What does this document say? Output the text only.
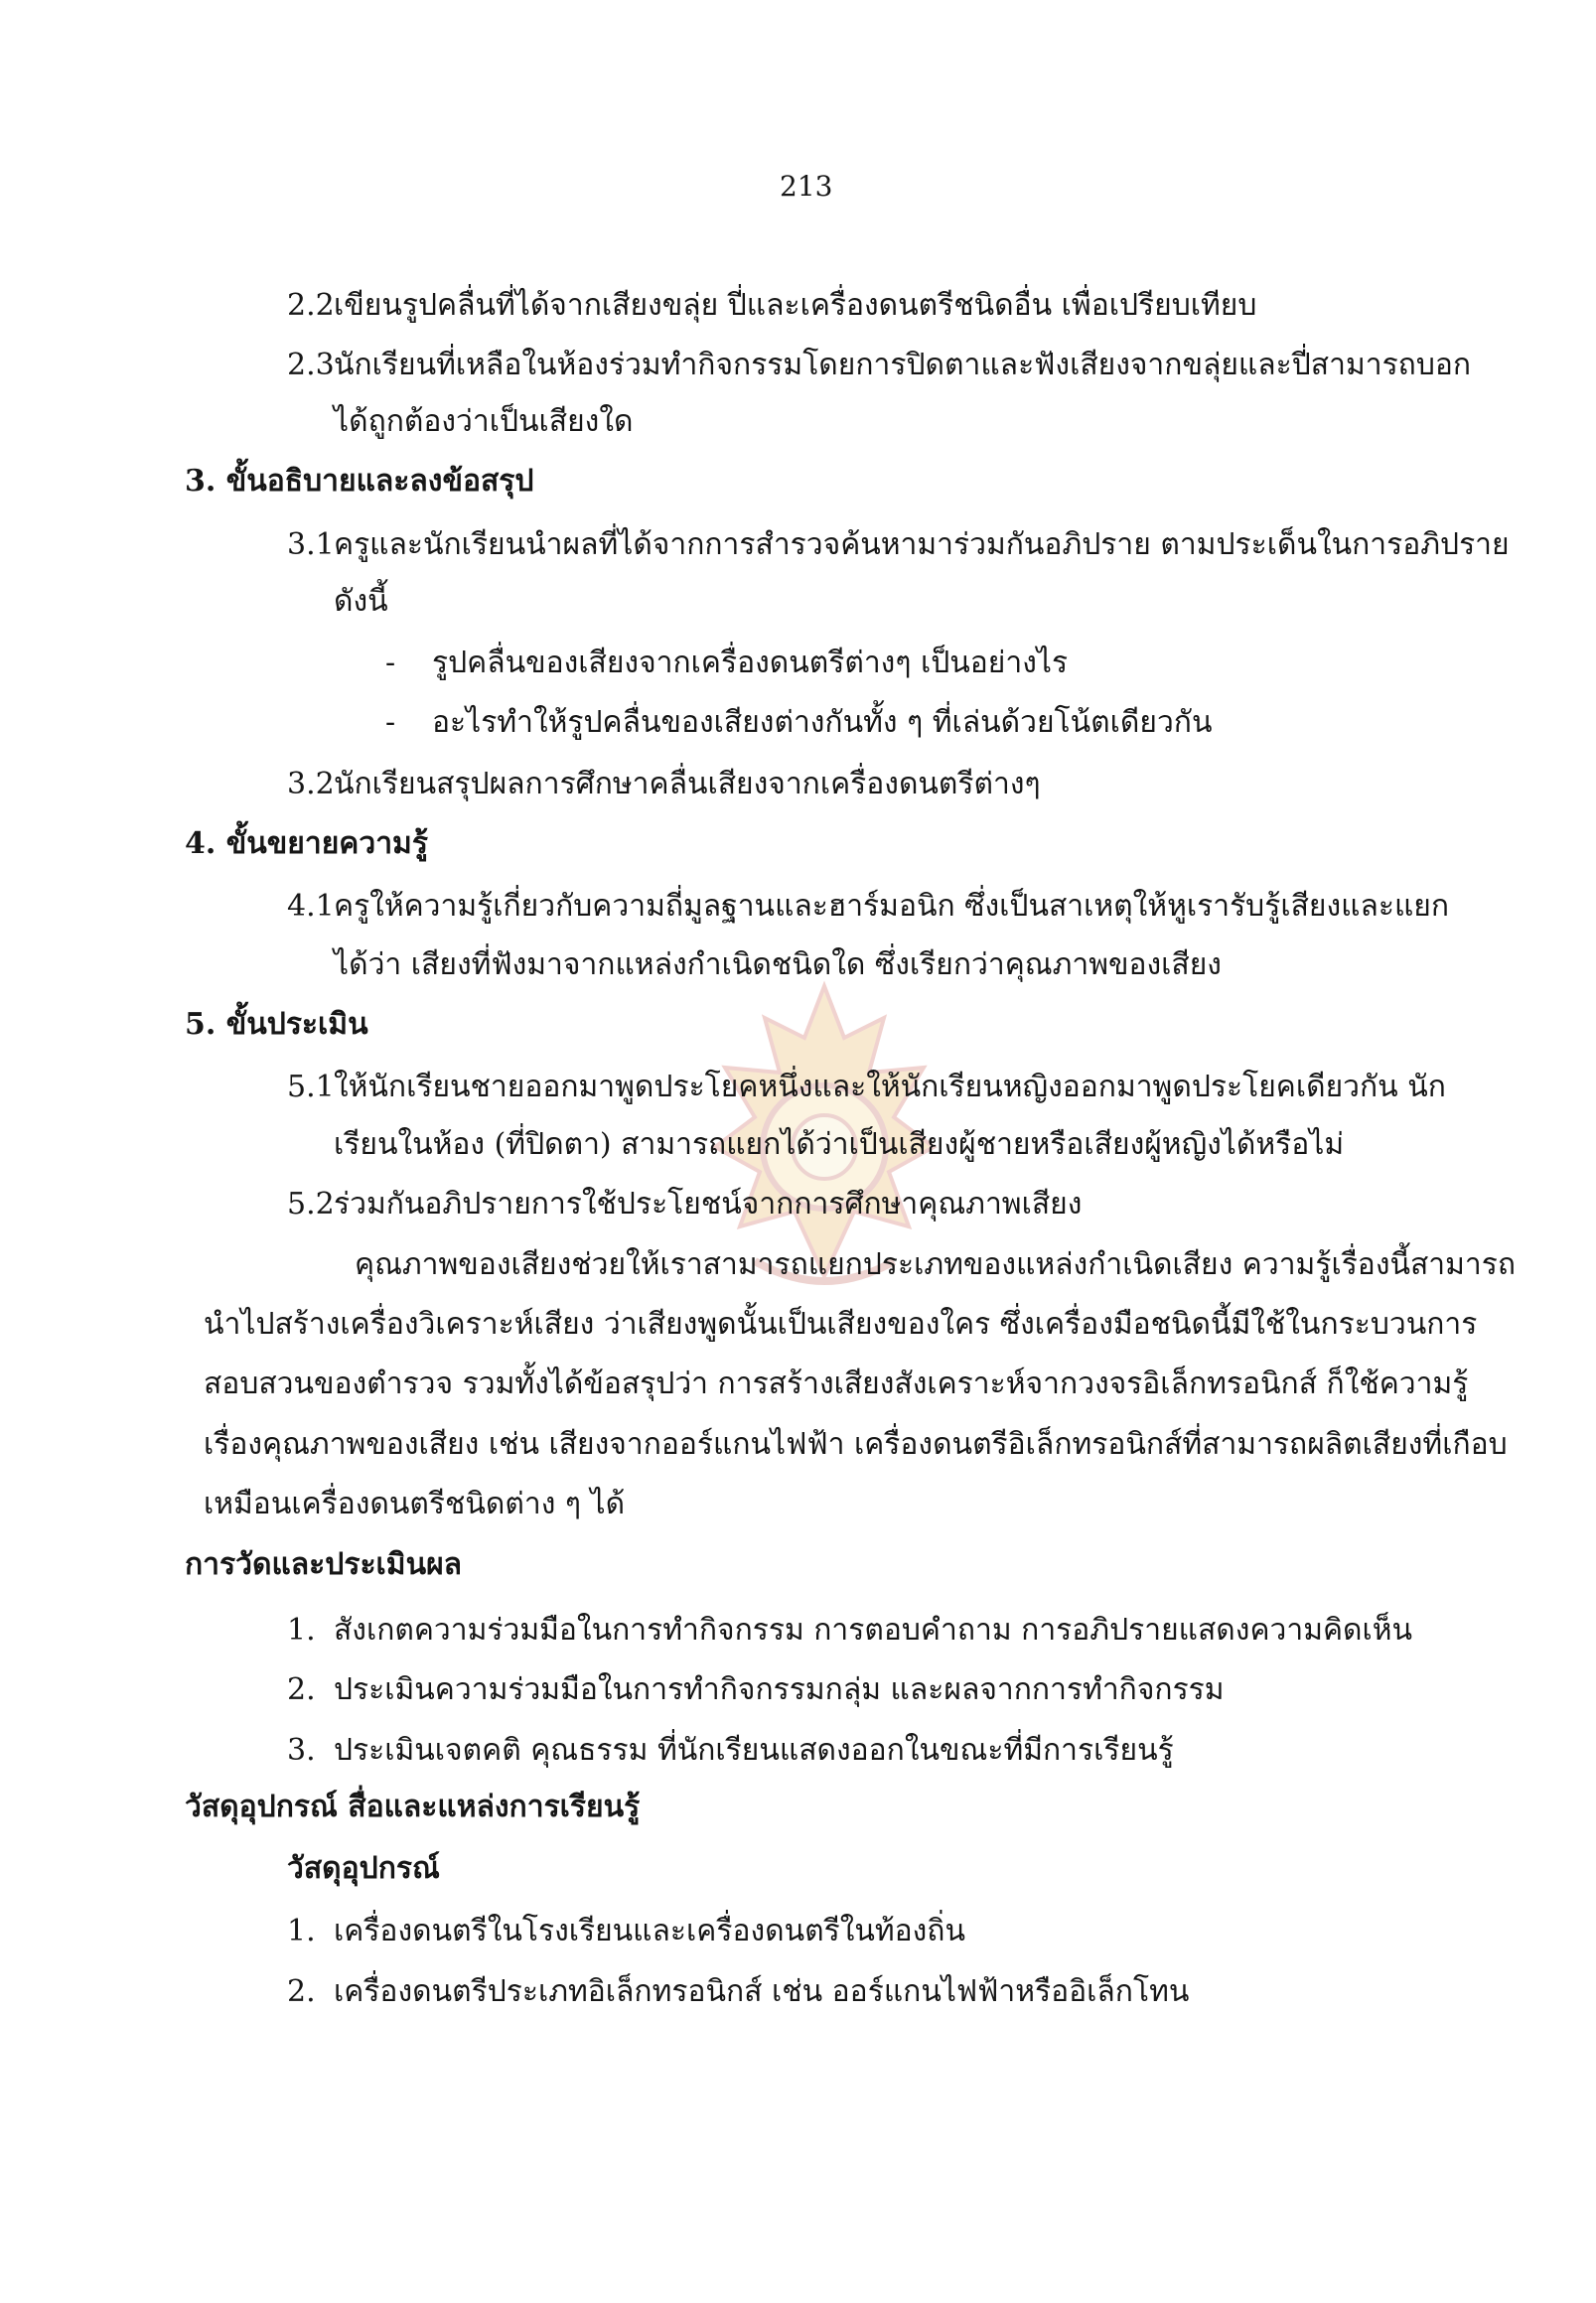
213
2.2เขียนรูปคลื่นที่ได้จากเสียงขลุ่ย ปี่และเครื่องดนตรีชนิดอื่น เพื่อเปรียบเทียบ
2.3นักเรียนที่เหลือในห้องร่วมทำกิจกรรมโดยการปิดตาและฟังเสียงจากขลุ่ยและปี่สามารถบอก
ได้ถูกต้องว่าเป็นเสียงใด
3. ขั้นอธิบายและลงข้อสรุป
3.1ครูและนักเรียนนำผลที่ได้จากการสำรวจค้นหามาร่วมกันอภิปราย ตามประเด็นในการอภิปราย
ดังนี้
- รูปคลื่นของเสียงจากเครื่องดนตรีต่างๆ เป็นอย่างไร
- อะไรทำให้รูปคลื่นของเสียงต่างกันทั้ง ๆ ที่เล่นด้วยโน้ตเดียวกัน
3.2นักเรียนสรุปผลการศึกษาคลื่นเสียงจากเครื่องดนตรีต่างๆ
4. ขั้นขยายความรู้
4.1ครูให้ความรู้เกี่ยวกับความถี่มูลฐานและฮาร์มอนิก ซึ่งเป็นสาเหตุให้หูเรารับรู้เสียงและแยก
ได้ว่า เสียงที่ฟังมาจากแหล่งกำเนิดชนิดใด ซึ่งเรียกว่าคุณภาพของเสียง
5. ขั้นประเมิน
5.1ให้นักเรียนชายออกมาพูดประโยคหนึ่งและให้นักเรียนหญิงออกมาพูดประโยคเดียวกัน นัก
เรียนในห้อง (ที่ปิดตา) สามารถแยกได้ว่าเป็นเสียงผู้ชายหรือเสียงผู้หญิงได้หรือไม่
5.2ร่วมกันอภิปรายการใช้ประโยชน์จากการศึกษาคุณภาพเสียง
คุณภาพของเสียงช่วยให้เราสามารถแยกประเภทของแหล่งกำเนิดเสียง ความรู้เรื่องนี้สามารถ
นำไปสร้างเครื่องวิเคราะห์เสียง ว่าเสียงพูดนั้นเป็นเสียงของใคร ซึ่งเครื่องมือชนิดนี้มีใช้ในกระบวนการ
สอบสวนของตำรวจ รวมทั้งได้ข้อสรุปว่า การสร้างเสียงสังเคราะห์จากวงจรอิเล็กทรอนิกส์ ก็ใช้ความรู้
เรื่องคุณภาพของเสียง เช่น เสียงจากออร์แกนไฟฟ้า เครื่องดนตรีอิเล็กทรอนิกส์ที่สามารถผลิตเสียงที่เกือบ
เหมือนเครื่องดนตรีชนิดต่าง ๆ ได้
การวัดและประเมินผล
1. สังเกตความร่วมมือในการทำกิจกรรม การตอบคำถาม การอภิปรายแสดงความคิดเห็น
2. ประเมินความร่วมมือในการทำกิจกรรมกลุ่ม และผลจากการทำกิจกรรม
3. ประเมินเจตคติ คุณธรรม ที่นักเรียนแสดงออกในขณะที่มีการเรียนรู้
วัสดุอุปกรณ์ สื่อและแหล่งการเรียนรู้
วัสดุอุปกรณ์
1. เครื่องดนตรีในโรงเรียนและเครื่องดนตรีในท้องถิ่น
2. เครื่องดนตรีประเภทอิเล็กทรอนิกส์ เช่น ออร์แกนไฟฟ้าหรืออิเล็กโทน
